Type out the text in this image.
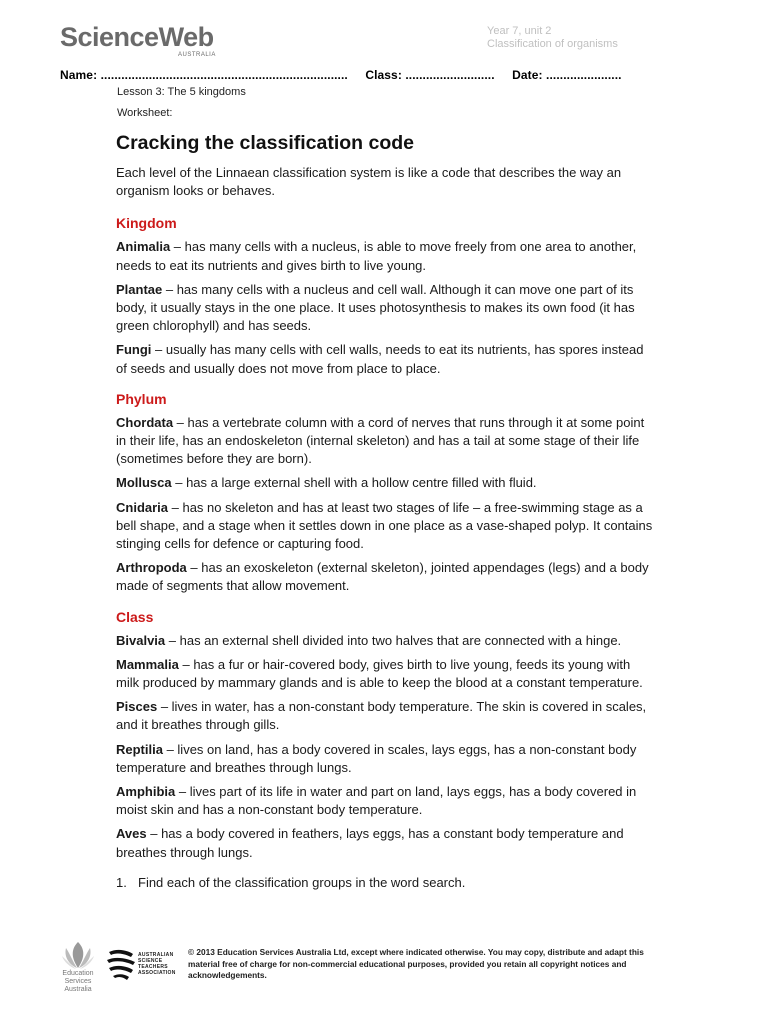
ScienceWeb
AUSTRALIA
Year 7, unit 2
Classification of organisms
Name: ........................................................................ Class: .......................... Date: ......................
Lesson 3: The 5 kingdoms
Worksheet:
Cracking the classification code

Each level of the Linnaean classification system is like a code that describes the way an organism looks or behaves.

Kingdom

Animalia – has many cells with a nucleus, is able to move freely from one area to another, needs to eat its nutrients and gives birth to live young.

Plantae – has many cells with a nucleus and cell wall. Although it can move one part of its body, it usually stays in the one place. It uses photosynthesis to makes its own food (it has green chlorophyll) and has seeds.

Fungi – usually has many cells with cell walls, needs to eat its nutrients, has spores instead of seeds and usually does not move from place to place.

Phylum

Chordata – has a vertebrate column with a cord of nerves that runs through it at some point in their life, has an endoskeleton (internal skeleton) and has a tail at some stage of their life (sometimes before they are born).

Mollusca – has a large external shell with a hollow centre filled with fluid.

Cnidaria – has no skeleton and has at least two stages of life – a free-swimming stage as a bell shape, and a stage when it settles down in one place as a vase-shaped polyp. It contains stinging cells for defence or capturing food.

Arthropoda – has an exoskeleton (external skeleton), jointed appendages (legs) and a body made of segments that allow movement.

Class

Bivalvia – has an external shell divided into two halves that are connected with a hinge.

Mammalia – has a fur or hair-covered body, gives birth to live young, feeds its young with milk produced by mammary glands and is able to keep the blood at a constant temperature.

Pisces – lives in water, has a non-constant body temperature. The skin is covered in scales, and it breathes through gills.

Reptilia – lives on land, has a body covered in scales, lays eggs, has a non-constant body temperature and breathes through lungs.

Amphibia – lives part of its life in water and part on land, lays eggs, has a body covered in moist skin and has a non-constant body temperature.

Aves – has a body covered in feathers, lays eggs, has a constant body temperature and breathes through lungs.

1. Find each of the classification groups in the word search.

Education
Services
Australia
AUSTRALIAN
SCIENCE
TEACHERS
ASSOCIATION
© 2013 Education Services Australia Ltd, except where indicated otherwise. You may copy, distribute and adapt this material free of charge for non-commercial educational purposes, provided you retain all copyright notices and acknowledgements.
